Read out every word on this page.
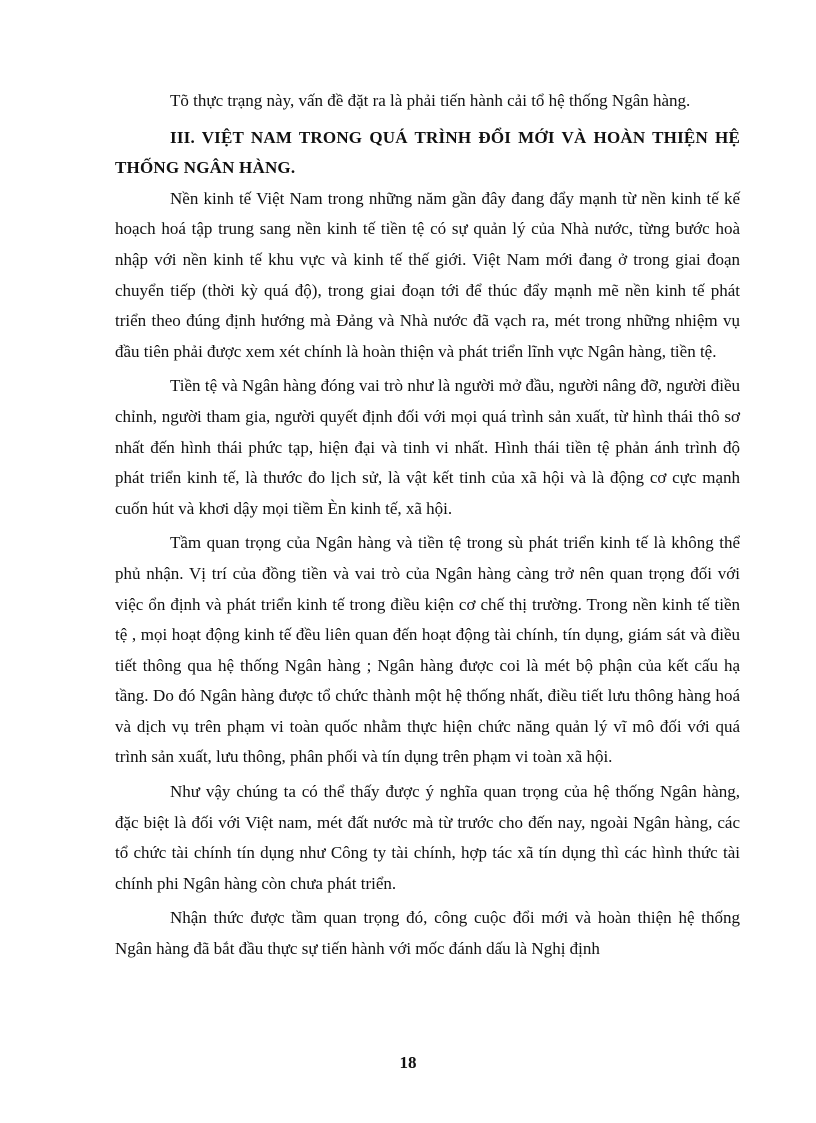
Tõ thực trạng này, vấn đề đặt ra là phải tiến hành cải tổ hệ thống Ngân hàng.

III. VIỆT NAM TRONG QUÁ TRÌNH ĐỔI MỚI VÀ HOÀN THIỆN HỆ THỐNG NGÂN HÀNG.

Nền kinh tế Việt Nam trong những năm gần đây đang đẩy mạnh từ nền kinh tế kế hoạch hoá tập trung sang nền kinh tế tiền tệ có sự quản lý của Nhà nước, từng bước hoà nhập với nền kinh tế khu vực và kinh tế thế giới. Việt Nam mới đang ở trong giai đoạn chuyển tiếp (thời kỳ quá độ), trong giai đoạn tới để thúc đẩy mạnh mẽ nền kinh tế phát triển theo đúng định hướng mà Đảng và Nhà nước đã vạch ra, mét trong những nhiệm vụ đầu tiên phải được xem xét chính là hoàn thiện và phát triển lĩnh vực Ngân hàng, tiền tệ.

Tiền tệ và Ngân hàng đóng vai trò như là người mở đầu, người nâng đỡ, người điều chỉnh, người tham gia, người quyết định đối với mọi quá trình sản xuất, từ hình thái thô sơ nhất đến hình thái phức tạp, hiện đại và tinh vi nhất. Hình thái tiền tệ phản ánh trình độ phát triển kinh tế, là thước đo lịch sử, là vật kết tinh của xã hội và là động cơ cực mạnh cuốn hút và khơi dậy mọi tiềm Èn kinh tế, xã hội.

Tầm quan trọng của Ngân hàng và tiền tệ trong sù phát triển kinh tế là không thể phủ nhận. Vị trí của đồng tiền và vai trò của Ngân hàng càng trở nên quan trọng đối với việc ổn định và phát triển kinh tế trong điều kiện cơ chế thị trường. Trong nền kinh tế tiền tệ , mọi hoạt động kinh tế đều liên quan đến hoạt động tài chính, tín dụng, giám sát và điều tiết thông qua hệ thống Ngân hàng ; Ngân hàng được coi là mét bộ phận của kết cấu hạ tầng. Do đó Ngân hàng được tổ chức thành một hệ thống nhất, điều tiết lưu thông hàng hoá và dịch vụ trên phạm vi toàn quốc nhằm thực hiện chức năng quản lý vĩ mô đối với quá trình sản xuất, lưu thông, phân phối và tín dụng trên phạm vi toàn xã hội.

Như vậy chúng ta có thể thấy được ý nghĩa quan trọng của hệ thống Ngân hàng, đặc biệt là đối với Việt nam, mét đất nước mà từ trước cho đến nay, ngoài Ngân hàng, các tổ chức tài chính tín dụng như Công ty tài chính, hợp tác xã tín dụng thì các hình thức tài chính phi Ngân hàng còn chưa phát triển.

Nhận thức được tầm quan trọng đó, công cuộc đổi mới và hoàn thiện hệ thống Ngân hàng đã bắt đầu thực sự tiến hành với mốc đánh dấu là Nghị định

18
